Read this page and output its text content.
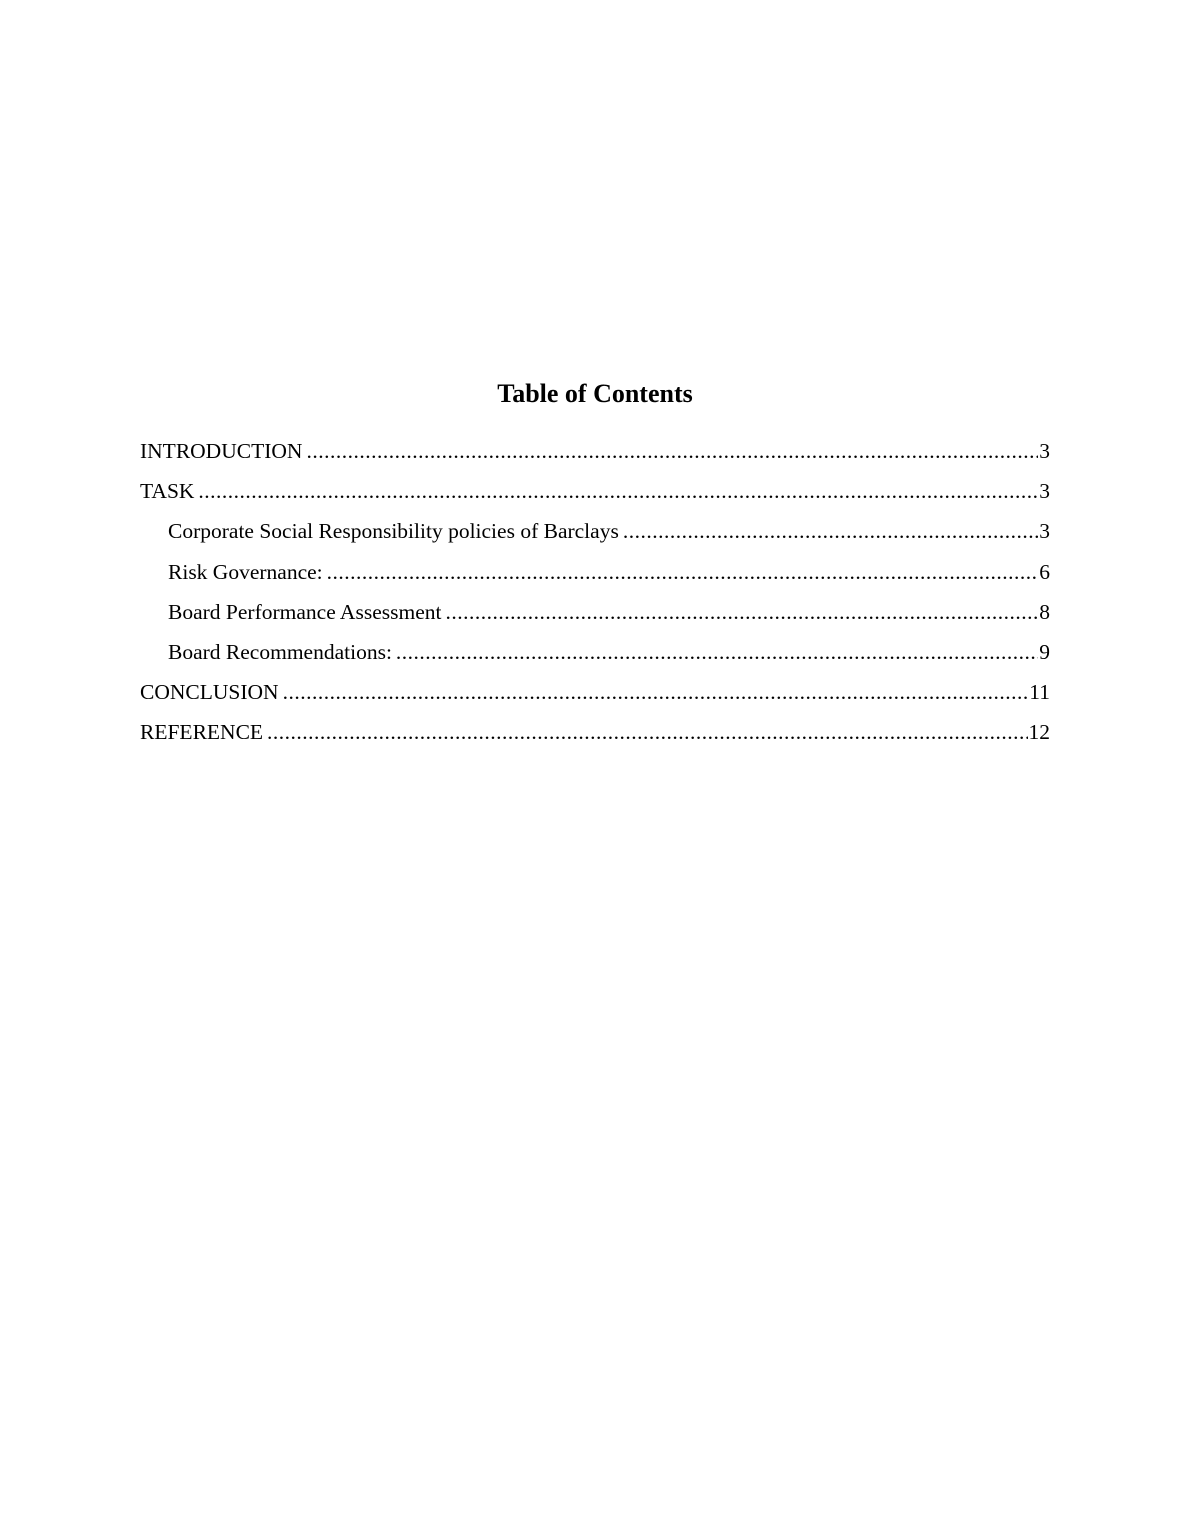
Table of Contents
INTRODUCTION .....	3
TASK .....	3
Corporate Social Responsibility policies of Barclays .....	3
Risk Governance: .....	6
Board Performance Assessment .....	8
Board Recommendations: .....	9
CONCLUSION .....	11
REFERENCE .....	12
